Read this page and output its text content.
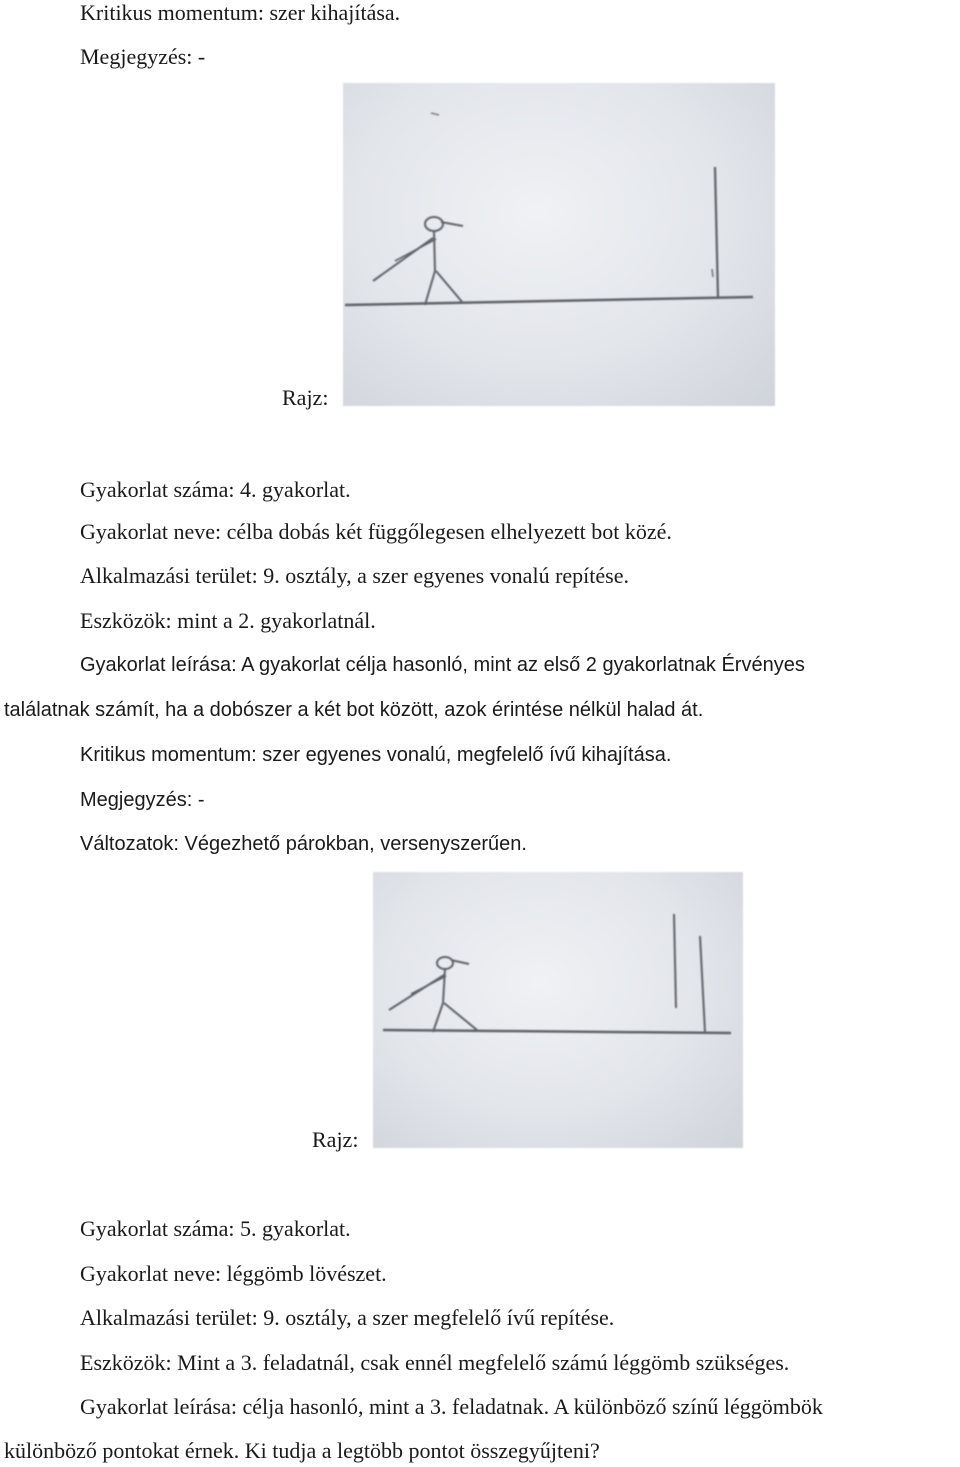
Kritikus momentum: szer kihajítása.
Megjegyzés: -
Rajz:
Gyakorlat száma: 4. gyakorlat.
Gyakorlat neve: célba dobás két függőlegesen elhelyezett bot közé.
Alkalmazási terület: 9. osztály, a szer egyenes vonalú repítése.
Eszközök: mint a 2. gyakorlatnál.
Gyakorlat leírása: A gyakorlat célja hasonló, mint az első 2 gyakorlatnak Érvényes
találatnak számít, ha a dobószer a két bot között, azok érintése nélkül halad át.
Kritikus momentum: szer egyenes vonalú, megfelelő ívű kihajítása.
Megjegyzés: -
Változatok: Végezhető párokban, versenyszerűen.
Rajz:
Gyakorlat száma: 5. gyakorlat.
Gyakorlat neve: léggömb lövészet.
Alkalmazási terület: 9. osztály, a szer megfelelő ívű repítése.
Eszközök: Mint a 3. feladatnál, csak ennél megfelelő számú léggömb szükséges.
Gyakorlat leírása: célja hasonló, mint a 3. feladatnak. A különböző színű léggömbök
különböző pontokat érnek. Ki tudja a legtöbb pontot összegyűjteni?
